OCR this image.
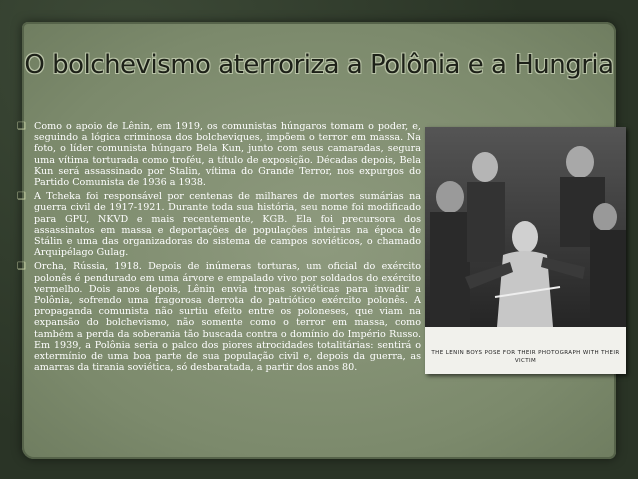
O bolchevismo aterroriza a Polônia e a Hungria
❑ Como o apoio de Lênin, em 1919, os comunistas húngaros tomam o poder, e, seguindo a lógica criminosa dos bolcheviques, impõem o terror em massa. Na foto, o líder comunista húngaro Bela Kun, junto com seus camaradas, segura uma vítima torturada como troféu, a título de exposição. Décadas depois, Bela Kun será assassinado por Stalin, vítima do Grande Terror, nos expurgos do Partido Comunista de 1936 a 1938.
❑ A Tcheka foi responsável por centenas de milhares de mortes sumárias na guerra civil de 1917-1921. Durante toda sua história, seu nome foi modificado para GPU, NKVD e mais recentemente, KGB. Ela foi precursora dos assassinatos em massa e deportações de populações inteiras na época de Stálin e uma das organizadoras do sistema de campos soviéticos, o chamado Arquipélago Gulag.
❑ Orcha, Rússia, 1918. Depois de inúmeras torturas, um oficial do exército polonês é pendurado em uma árvore e empalado vivo por soldados do exército vermelho. Dois anos depois, Lênin envia tropas soviéticas para invadir a Polônia, sofrendo uma fragorosa derrota do patriótico exército polonês. A propaganda comunista não surtiu efeito entre os poloneses, que viam na expansão do bolchevismo, não somente como o terror em massa, como também a perda da soberania tão buscada contra o domínio do Império Russo. Em 1939, a Polônia seria o palco dos piores atrocidades totalitárias: sentirá o extermínio de uma boa parte de sua população civil e, depois da guerra, as amarras da tirania soviética, só desbaratada, a partir dos anos 80.
THE LENIN BOYS POSE FOR THEIR PHOTOGRAPH WITH THEIR VICTIM
